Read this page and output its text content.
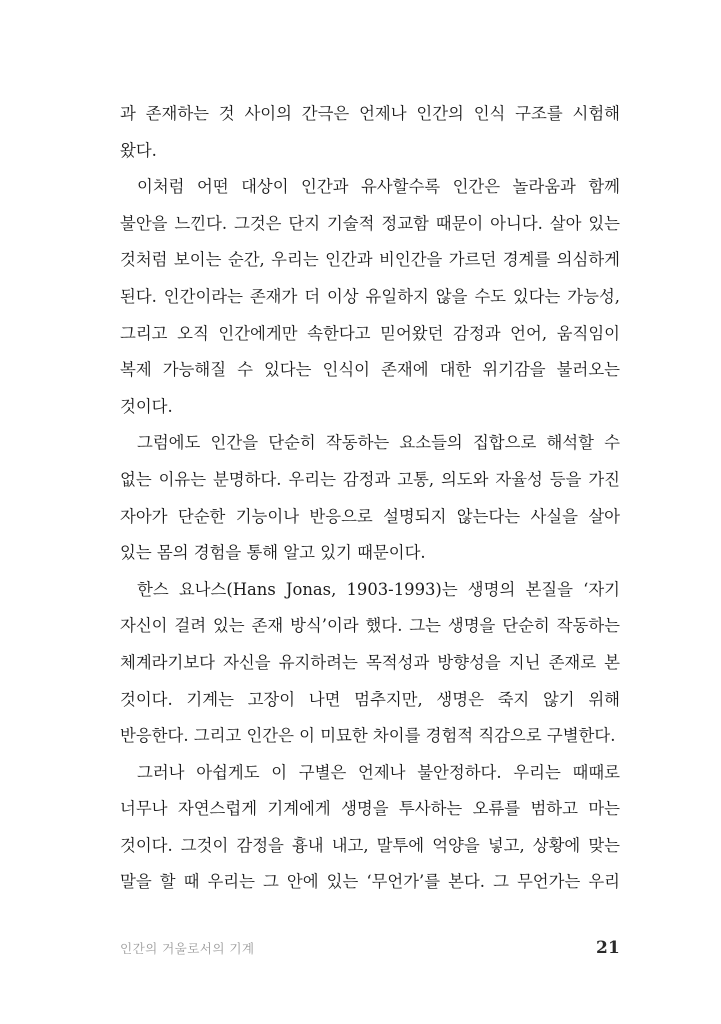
과 존재하는 것 사이의 간극은 언제나 인간의 인식 구조를 시험해 왔다.

이처럼 어떤 대상이 인간과 유사할수록 인간은 놀라움과 함께 불안을 느낀다. 그것은 단지 기술적 정교함 때문이 아니다. 살아 있는 것처럼 보이는 순간, 우리는 인간과 비인간을 가르던 경계를 의심하게 된다. 인간이라는 존재가 더 이상 유일하지 않을 수도 있다는 가능성, 그리고 오직 인간에게만 속한다고 믿어왔던 감정과 언어, 움직임이 복제 가능해질 수 있다는 인식이 존재에 대한 위기감을 불러오는 것이다.

그럼에도 인간을 단순히 작동하는 요소들의 집합으로 해석할 수 없는 이유는 분명하다. 우리는 감정과 고통, 의도와 자율성 등을 가진 자아가 단순한 기능이나 반응으로 설명되지 않는다는 사실을 살아 있는 몸의 경험을 통해 알고 있기 때문이다.

한스 요나스(Hans Jonas, 1903-1993)는 생명의 본질을 ‘자기 자신이 걸려 있는 존재 방식’이라 했다. 그는 생명을 단순히 작동하는 체계라기보다 자신을 유지하려는 목적성과 방향성을 지닌 존재로 본 것이다. 기계는 고장이 나면 멈추지만, 생명은 죽지 않기 위해 반응한다. 그리고 인간은 이 미묘한 차이를 경험적 직감으로 구별한다.

그러나 아쉽게도 이 구별은 언제나 불안정하다. 우리는 때때로 너무나 자연스럽게 기계에게 생명을 투사하는 오류를 범하고 마는 것이다. 그것이 감정을 흉내 내고, 말투에 억양을 넣고, 상황에 맞는 말을 할 때 우리는 그 안에 있는 ‘무언가’를 본다. 그 무언가는 우리

인간의 거울로서의 기계	21
